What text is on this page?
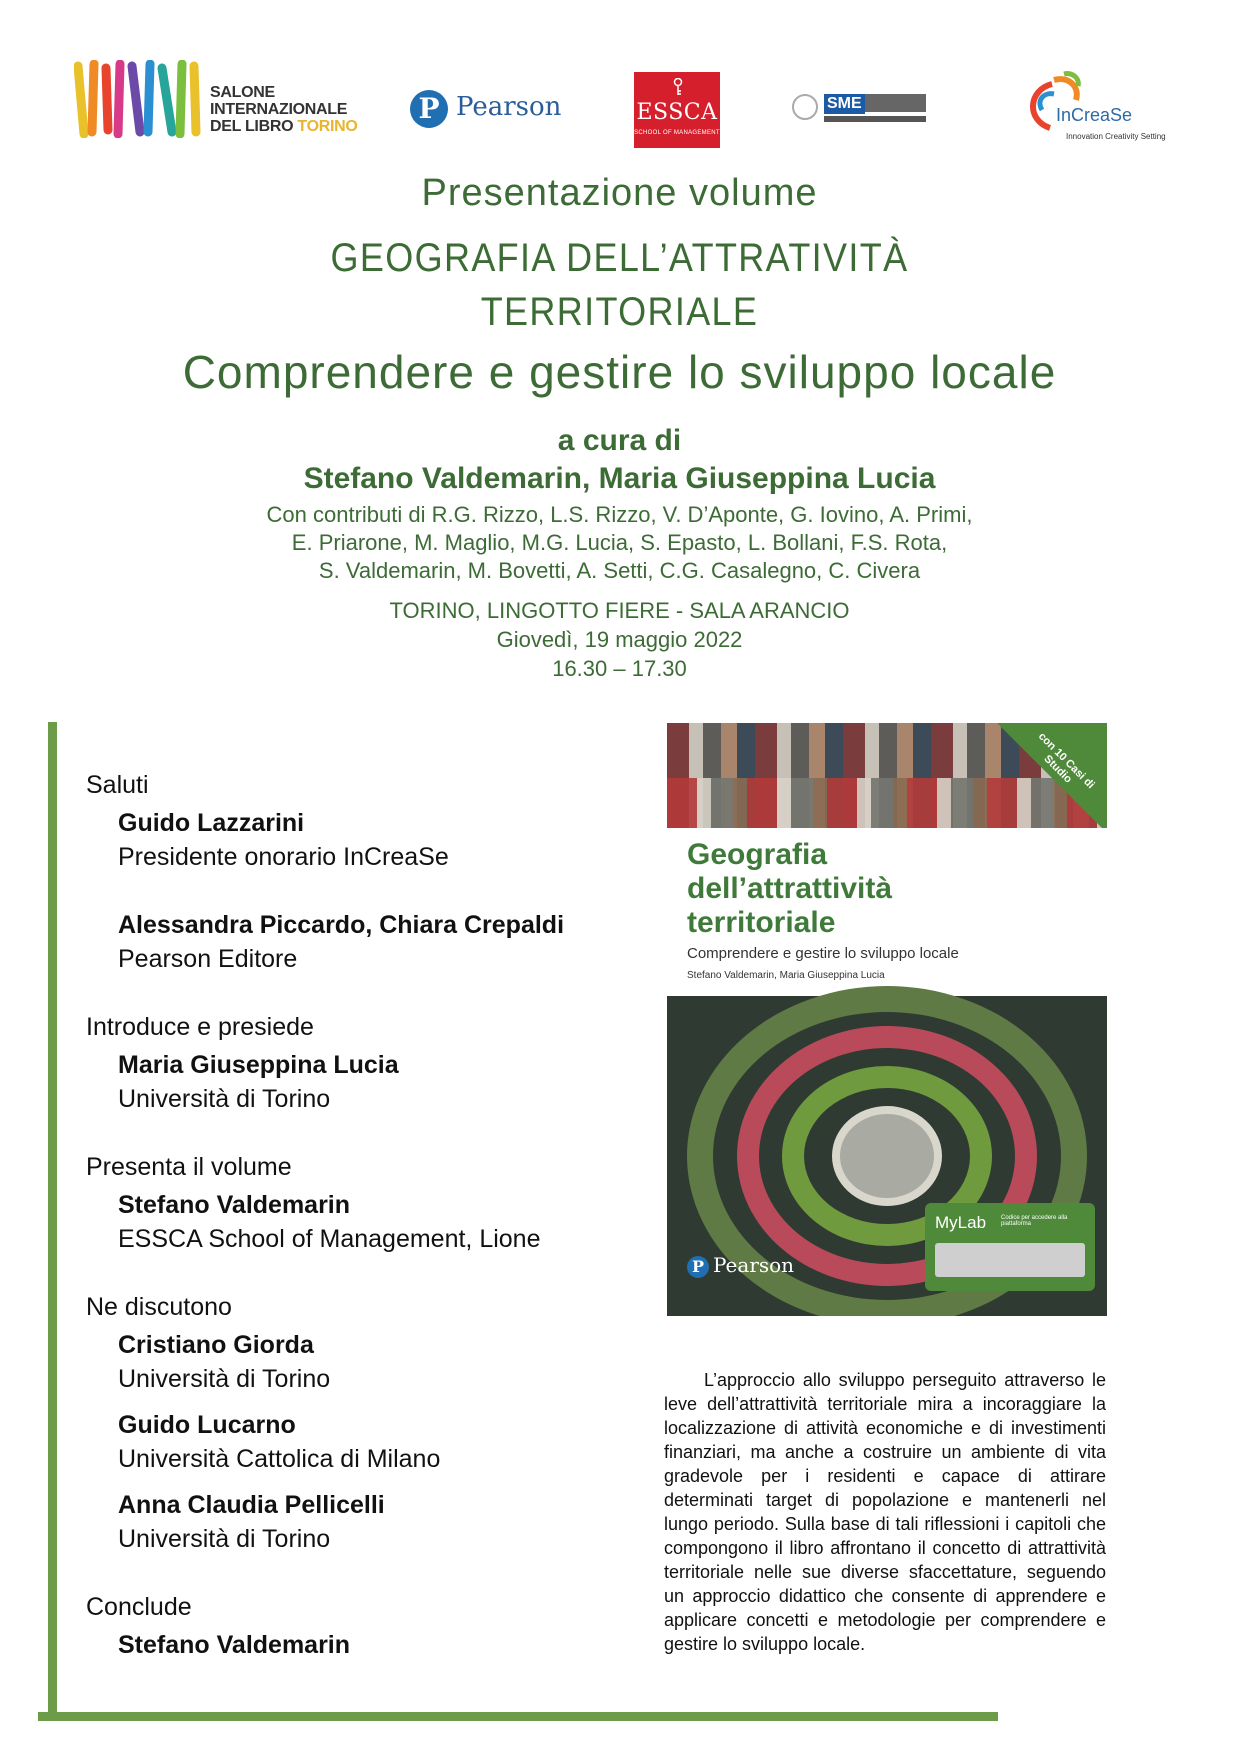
SALONE
INTERNAZIONALE
DEL LIBRO TORINO
P Pearson	ESSCA
SCHOOL OF MANAGEMENT
SME
InCreaSe
Innovation Creativity Setting
Presentazione volume
GEOGRAFIA DELL’ATTRATIVITÀ
TERRITORIALE
Comprendere e gestire lo sviluppo locale
a cura di
Stefano Valdemarin, Maria Giuseppina Lucia
Con contributi di R.G. Rizzo, L.S. Rizzo, V. D’Aponte, G. Iovino, A. Primi,
E. Priarone, M. Maglio, M.G. Lucia, S. Epasto, L. Bollani, F.S. Rota,
S. Valdemarin, M. Bovetti, A. Setti, C.G. Casalegno, C. Civera
TORINO, LINGOTTO FIERE - SALA ARANCIO
Giovedì, 19 maggio 2022
16.30 – 17.30
Saluti
Guido Lazzarini
Presidente onorario InCreaSe
Alessandra Piccardo, Chiara Crepaldi
Pearson Editore
Introduce e presiede
Maria Giuseppina Lucia
Università di Torino
Presenta il volume
Stefano Valdemarin
ESSCA School of Management, Lione
Ne discutono
Cristiano Giorda
Università di Torino
Guido Lucarno
Università Cattolica di Milano
Anna Claudia Pellicelli
Università di Torino
Conclude
Stefano Valdemarin
con 10 Casi di Studio
Geografia
dell’attrattività
territoriale
Comprendere e gestire lo sviluppo locale
Stefano Valdemarin, Maria Giuseppina Lucia
MyLab Codice per accedere alla piattaforma
P Pearson
L’approccio allo sviluppo perseguito attraverso le leve dell’attrattività territoriale mira a incoraggiare la localizzazione di attività economiche e di investimenti finanziari, ma anche a costruire un ambiente di vita gradevole per i residenti e capace di attirare determinati target di popolazione e mantenerli nel lungo periodo. Sulla base di tali riflessioni i capitoli che compongono il libro affrontano il concetto di attrattività territoriale nelle sue diverse sfaccettature, seguendo un approccio didattico che consente di apprendere e applicare concetti e metodologie per comprendere e gestire lo sviluppo locale.
